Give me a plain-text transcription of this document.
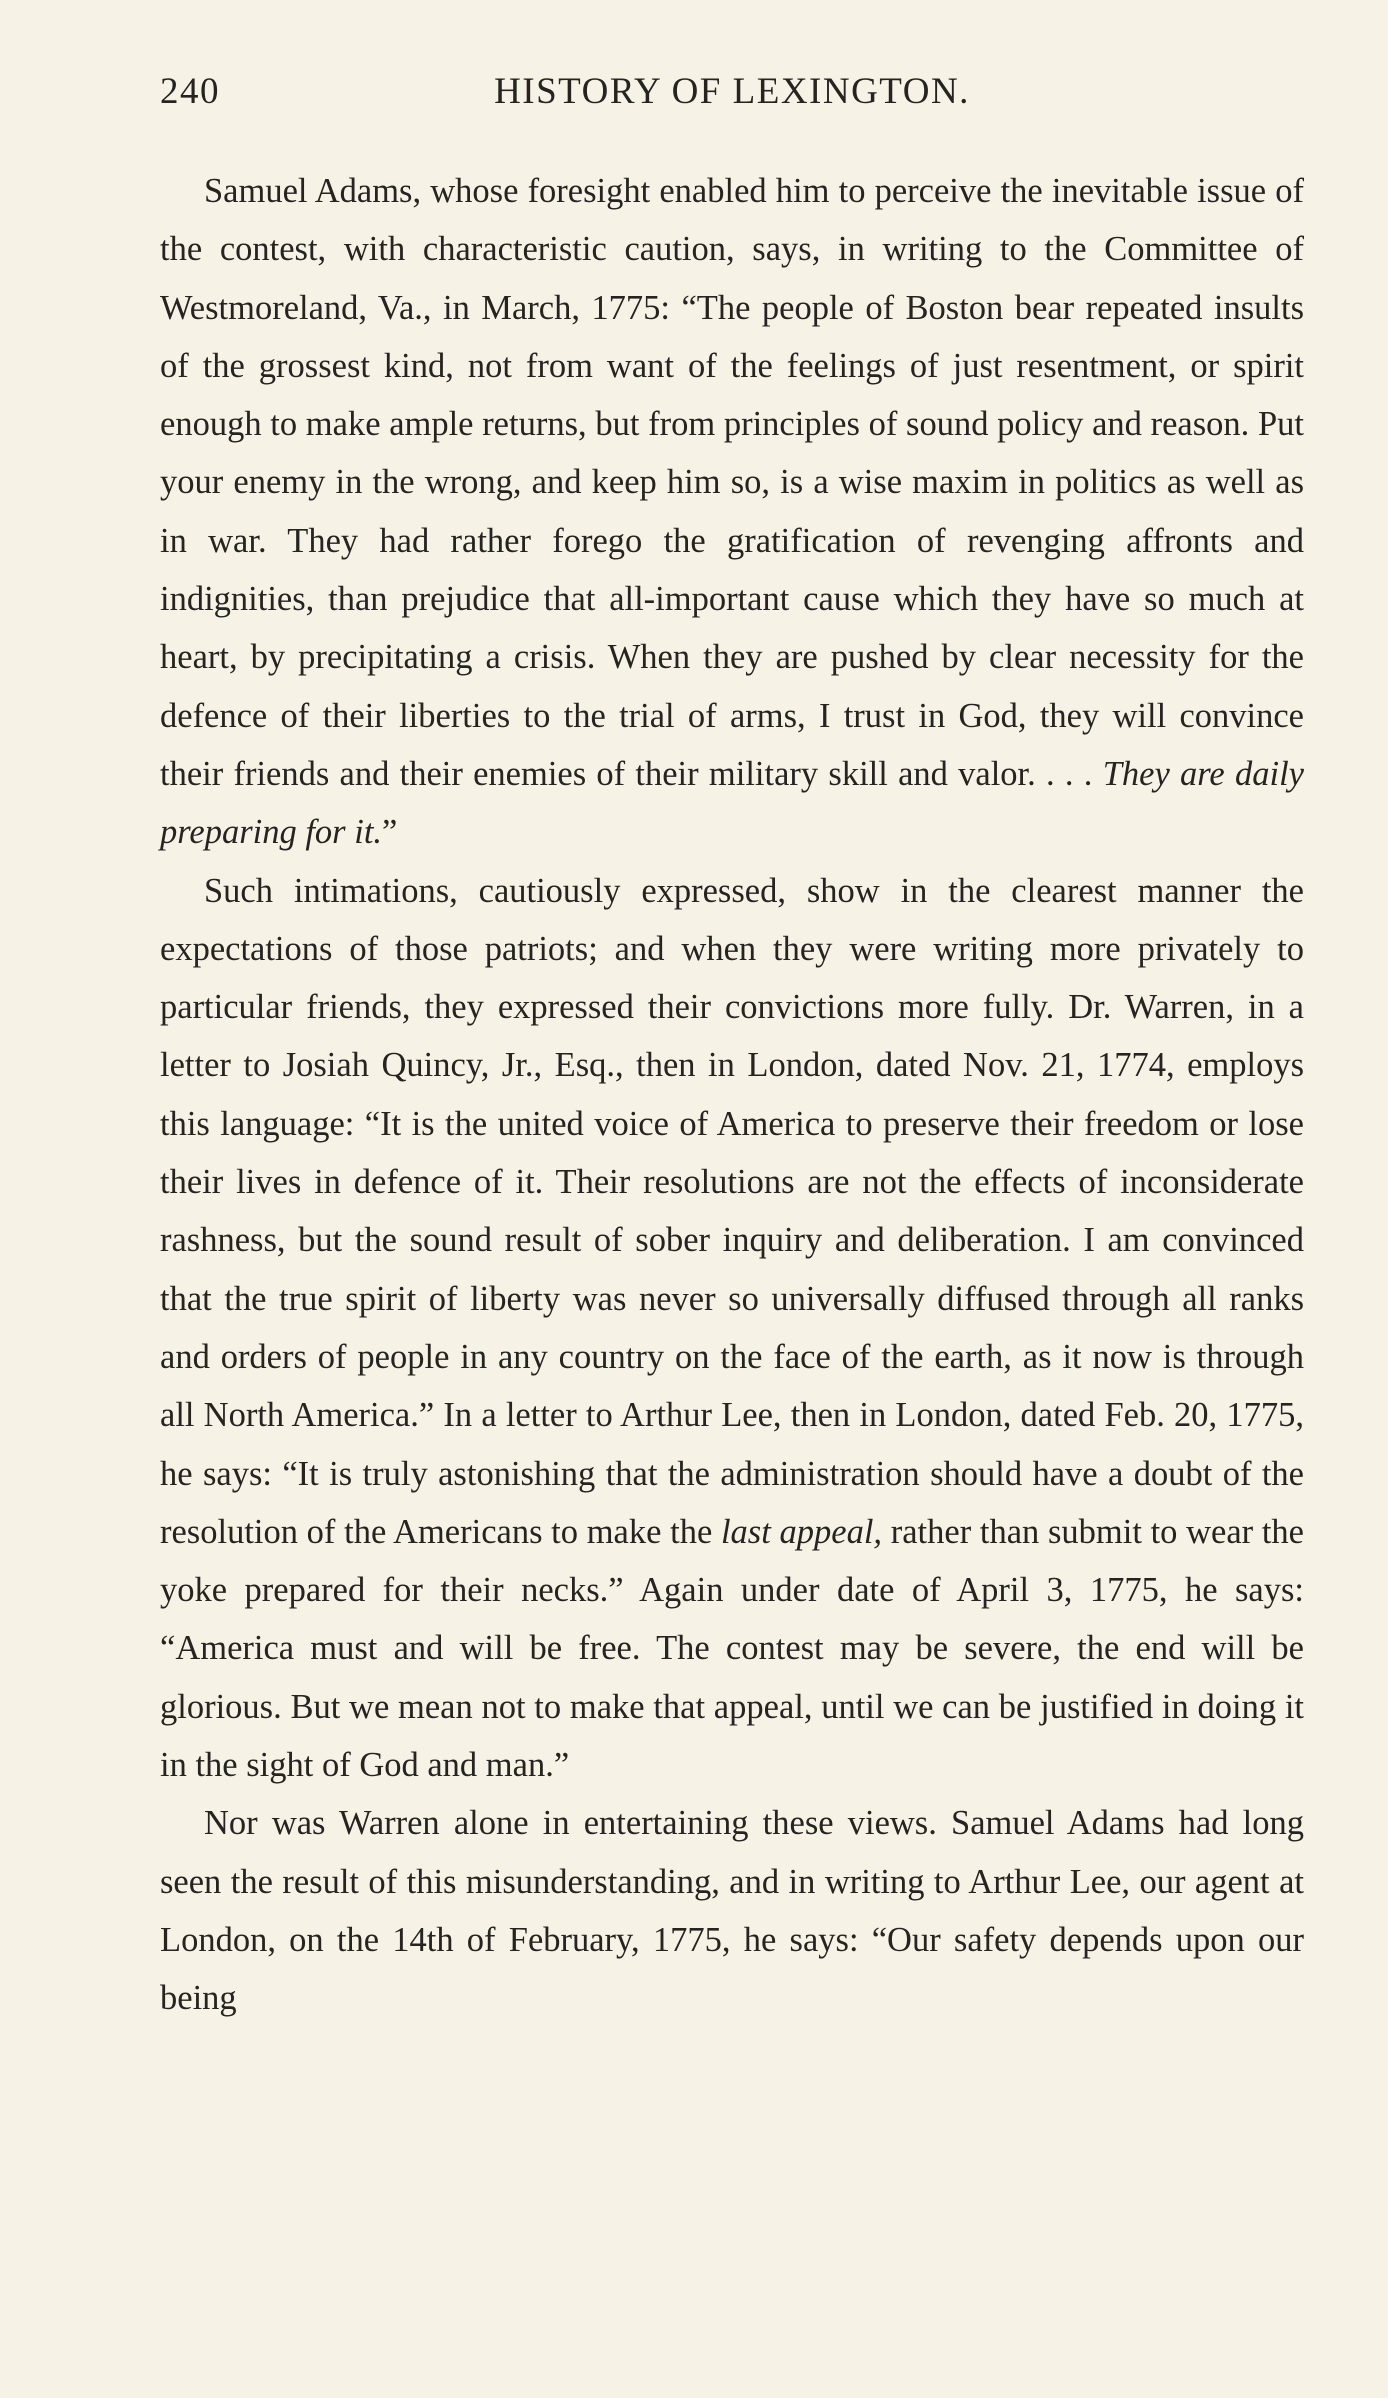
240	HISTORY OF LEXINGTON.

Samuel Adams, whose foresight enabled him to perceive the inevitable issue of the contest, with characteristic caution, says, in writing to the Committee of Westmoreland, Va., in March, 1775: “The people of Boston bear repeated insults of the grossest kind, not from want of the feelings of just resentment, or spirit enough to make ample returns, but from principles of sound policy and reason. Put your enemy in the wrong, and keep him so, is a wise maxim in politics as well as in war. They had rather forego the gratification of revenging affronts and indignities, than prejudice that all-important cause which they have so much at heart, by precipitating a crisis. When they are pushed by clear necessity for the defence of their liberties to the trial of arms, I trust in God, they will convince their friends and their enemies of their military skill and valor. . . . They are daily preparing for it.”

Such intimations, cautiously expressed, show in the clearest manner the expectations of those patriots; and when they were writing more privately to particular friends, they expressed their convictions more fully. Dr. Warren, in a letter to Josiah Quincy, Jr., Esq., then in London, dated Nov. 21, 1774, employs this language: “It is the united voice of America to preserve their freedom or lose their lives in defence of it. Their resolutions are not the effects of inconsiderate rashness, but the sound result of sober inquiry and deliberation. I am convinced that the true spirit of liberty was never so universally diffused through all ranks and orders of people in any country on the face of the earth, as it now is through all North America.” In a letter to Arthur Lee, then in London, dated Feb. 20, 1775, he says: “It is truly astonishing that the administration should have a doubt of the resolution of the Americans to make the last appeal, rather than submit to wear the yoke prepared for their necks.” Again under date of April 3, 1775, he says: “America must and will be free. The contest may be severe, the end will be glorious. But we mean not to make that appeal, until we can be justified in doing it in the sight of God and man.”

Nor was Warren alone in entertaining these views. Samuel Adams had long seen the result of this misunderstanding, and in writing to Arthur Lee, our agent at London, on the 14th of February, 1775, he says: “Our safety depends upon our being
